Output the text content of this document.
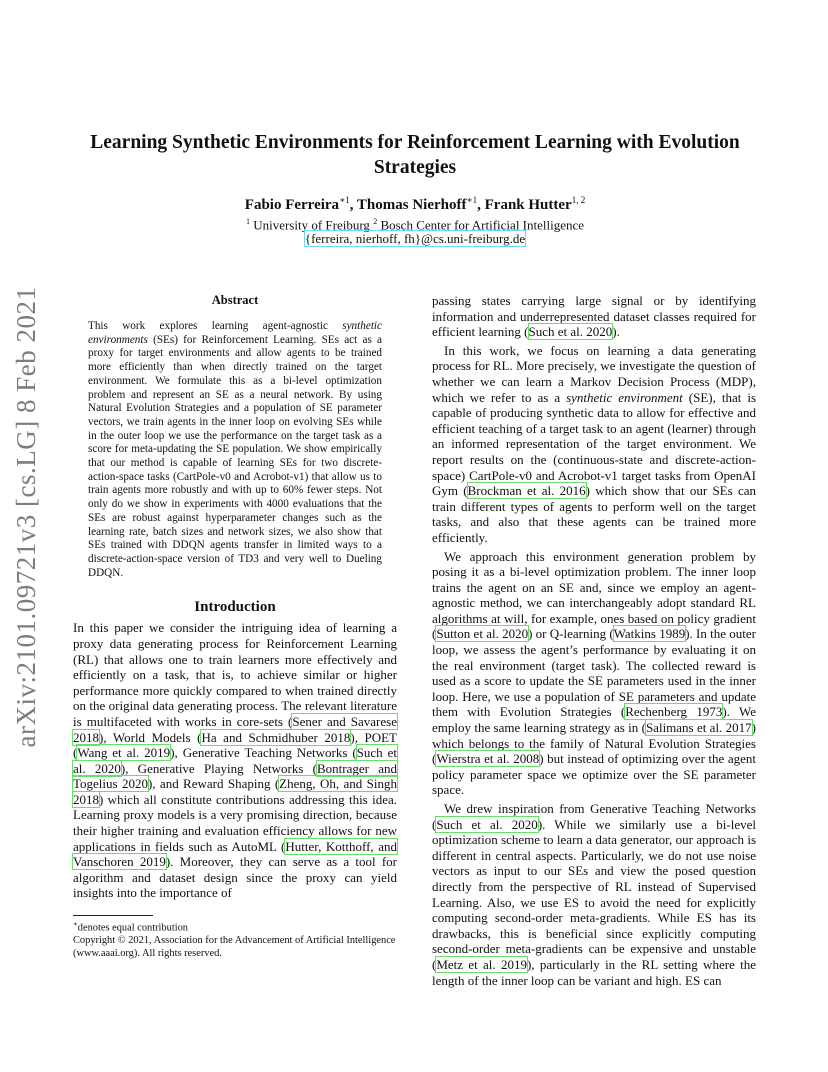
arXiv:2101.09721v3 [cs.LG] 8 Feb 2021
Learning Synthetic Environments for Reinforcement Learning with Evolution Strategies
Fabio Ferreira$^{∗1}$, Thomas Nierhoff$^{∗1}$, Frank Hutter$^{1, 2}$
$^1$ University of Freiburg $^2$ Bosch Center for Artificial Intelligence
{ferreira, nierhoff, fh}@cs.uni-freiburg.de
Abstract
This work explores learning agent-agnostic synthetic environments (SEs) for Reinforcement Learning. SEs act as a proxy for target environments and allow agents to be trained more efficiently than when directly trained on the target environment. We formulate this as a bi-level optimization problem and represent an SE as a neural network. By using Natural Evolution Strategies and a population of SE parameter vectors, we train agents in the inner loop on evolving SEs while in the outer loop we use the performance on the target task as a score for meta-updating the SE population. We show empirically that our method is capable of learning SEs for two discrete-action-space tasks (CartPole-v0 and Acrobot-v1) that allow us to train agents more robustly and with up to 60% fewer steps. Not only do we show in experiments with 4000 evaluations that the SEs are robust against hyperparameter changes such as the learning rate, batch sizes and network sizes, we also show that SEs trained with DDQN agents transfer in limited ways to a discrete-action-space version of TD3 and very well to Dueling DDQN.
Introduction

In this paper we consider the intriguing idea of learning a proxy data generating process for Reinforcement Learning (RL) that allows one to train learners more effectively and efficiently on a task, that is, to achieve similar or higher performance more quickly compared to when trained directly on the original data generating process. The relevant literature is multifaceted with works in core-sets (Sener and Savarese 2018), World Models (Ha and Schmidhuber 2018), POET (Wang et al. 2019), Generative Teaching Networks (Such et al. 2020), Generative Playing Networks (Bontrager and Togelius 2020), and Reward Shaping (Zheng, Oh, and Singh 2018) which all constitute contributions addressing this idea. Learning proxy models is a very promising direction, because their higher training and evaluation efficiency allows for new applications in fields such as AutoML (Hutter, Kotthoff, and Vanschoren 2019). Moreover, they can serve as a tool for algorithm and dataset design since the proxy can yield insights into the importance of

∗denotes equal contribution
Copyright © 2021, Association for the Advancement of Artificial Intelligence (www.aaai.org). All rights reserved.

passing states carrying large signal or by identifying information and underrepresented dataset classes required for efficient learning (Such et al. 2020).

In this work, we focus on learning a data generating process for RL. More precisely, we investigate the question of whether we can learn a Markov Decision Process (MDP), which we refer to as a synthetic environment (SE), that is capable of producing synthetic data to allow for effective and efficient teaching of a target task to an agent (learner) through an informed representation of the target environment. We report results on the (continuous-state and discrete-action-space) CartPole-v0 and Acrobot-v1 target tasks from OpenAI Gym (Brockman et al. 2016) which show that our SEs can train different types of agents to perform well on the target tasks, and also that these agents can be trained more efficiently.

We approach this environment generation problem by posing it as a bi-level optimization problem. The inner loop trains the agent on an SE and, since we employ an agent-agnostic method, we can interchangeably adopt standard RL algorithms at will, for example, ones based on policy gradient (Sutton et al. 2020) or Q-learning (Watkins 1989). In the outer loop, we assess the agent’s performance by evaluating it on the real environment (target task). The collected reward is used as a score to update the SE parameters used in the inner loop. Here, we use a population of SE parameters and update them with Evolution Strategies (Rechenberg 1973). We employ the same learning strategy as in (Salimans et al. 2017) which belongs to the family of Natural Evolution Strategies (Wierstra et al. 2008) but instead of optimizing over the agent policy parameter space we optimize over the SE parameter space.

We drew inspiration from Generative Teaching Networks (Such et al. 2020). While we similarly use a bi-level optimization scheme to learn a data generator, our approach is different in central aspects. Particularly, we do not use noise vectors as input to our SEs and view the posed question directly from the perspective of RL instead of Supervised Learning. Also, we use ES to avoid the need for explicitly computing second-order meta-gradients. While ES has its drawbacks, this is beneficial since explicitly computing second-order meta-gradients can be expensive and unstable (Metz et al. 2019), particularly in the RL setting where the length of the inner loop can be variant and high. ES can
